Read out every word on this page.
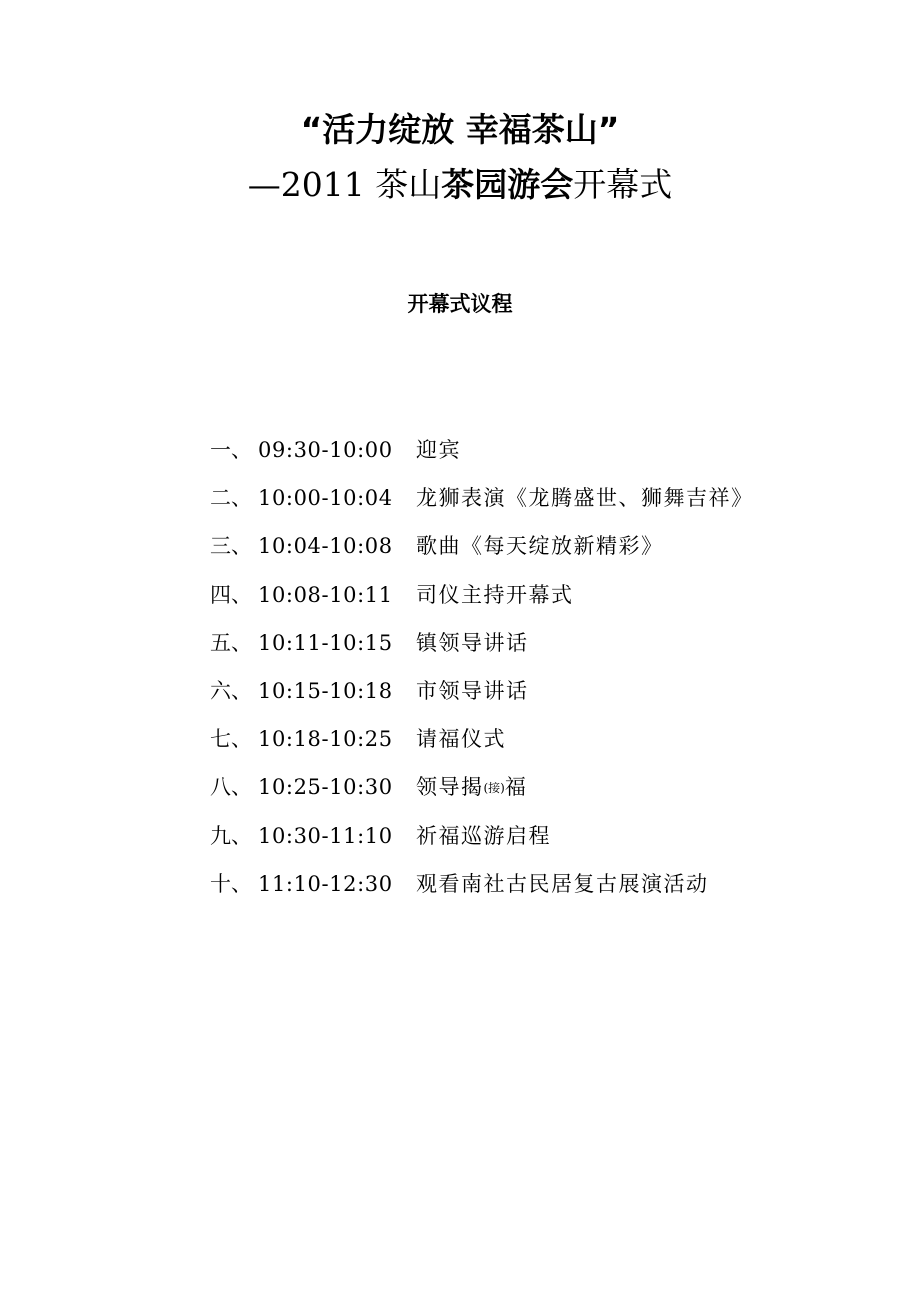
“活力绽放 幸福茶山”
—2011 茶山茶园游会开幕式
开幕式议程
一、 09:30-10:00	迎宾
二、 10:00-10:04	龙狮表演《龙腾盛世、狮舞吉祥》
三、 10:04-10:08	歌曲《每天绽放新精彩》
四、 10:08-10:11	司仪主持开幕式
五、 10:11-10:15	镇领导讲话
六、 10:15-10:18	市领导讲话
七、 10:18-10:25	请福仪式
八、 10:25-10:30	领导揭(接)福
九、 10:30-11:10	祈福巡游启程
十、 11:10-12:30	观看南社古民居复古展演活动
